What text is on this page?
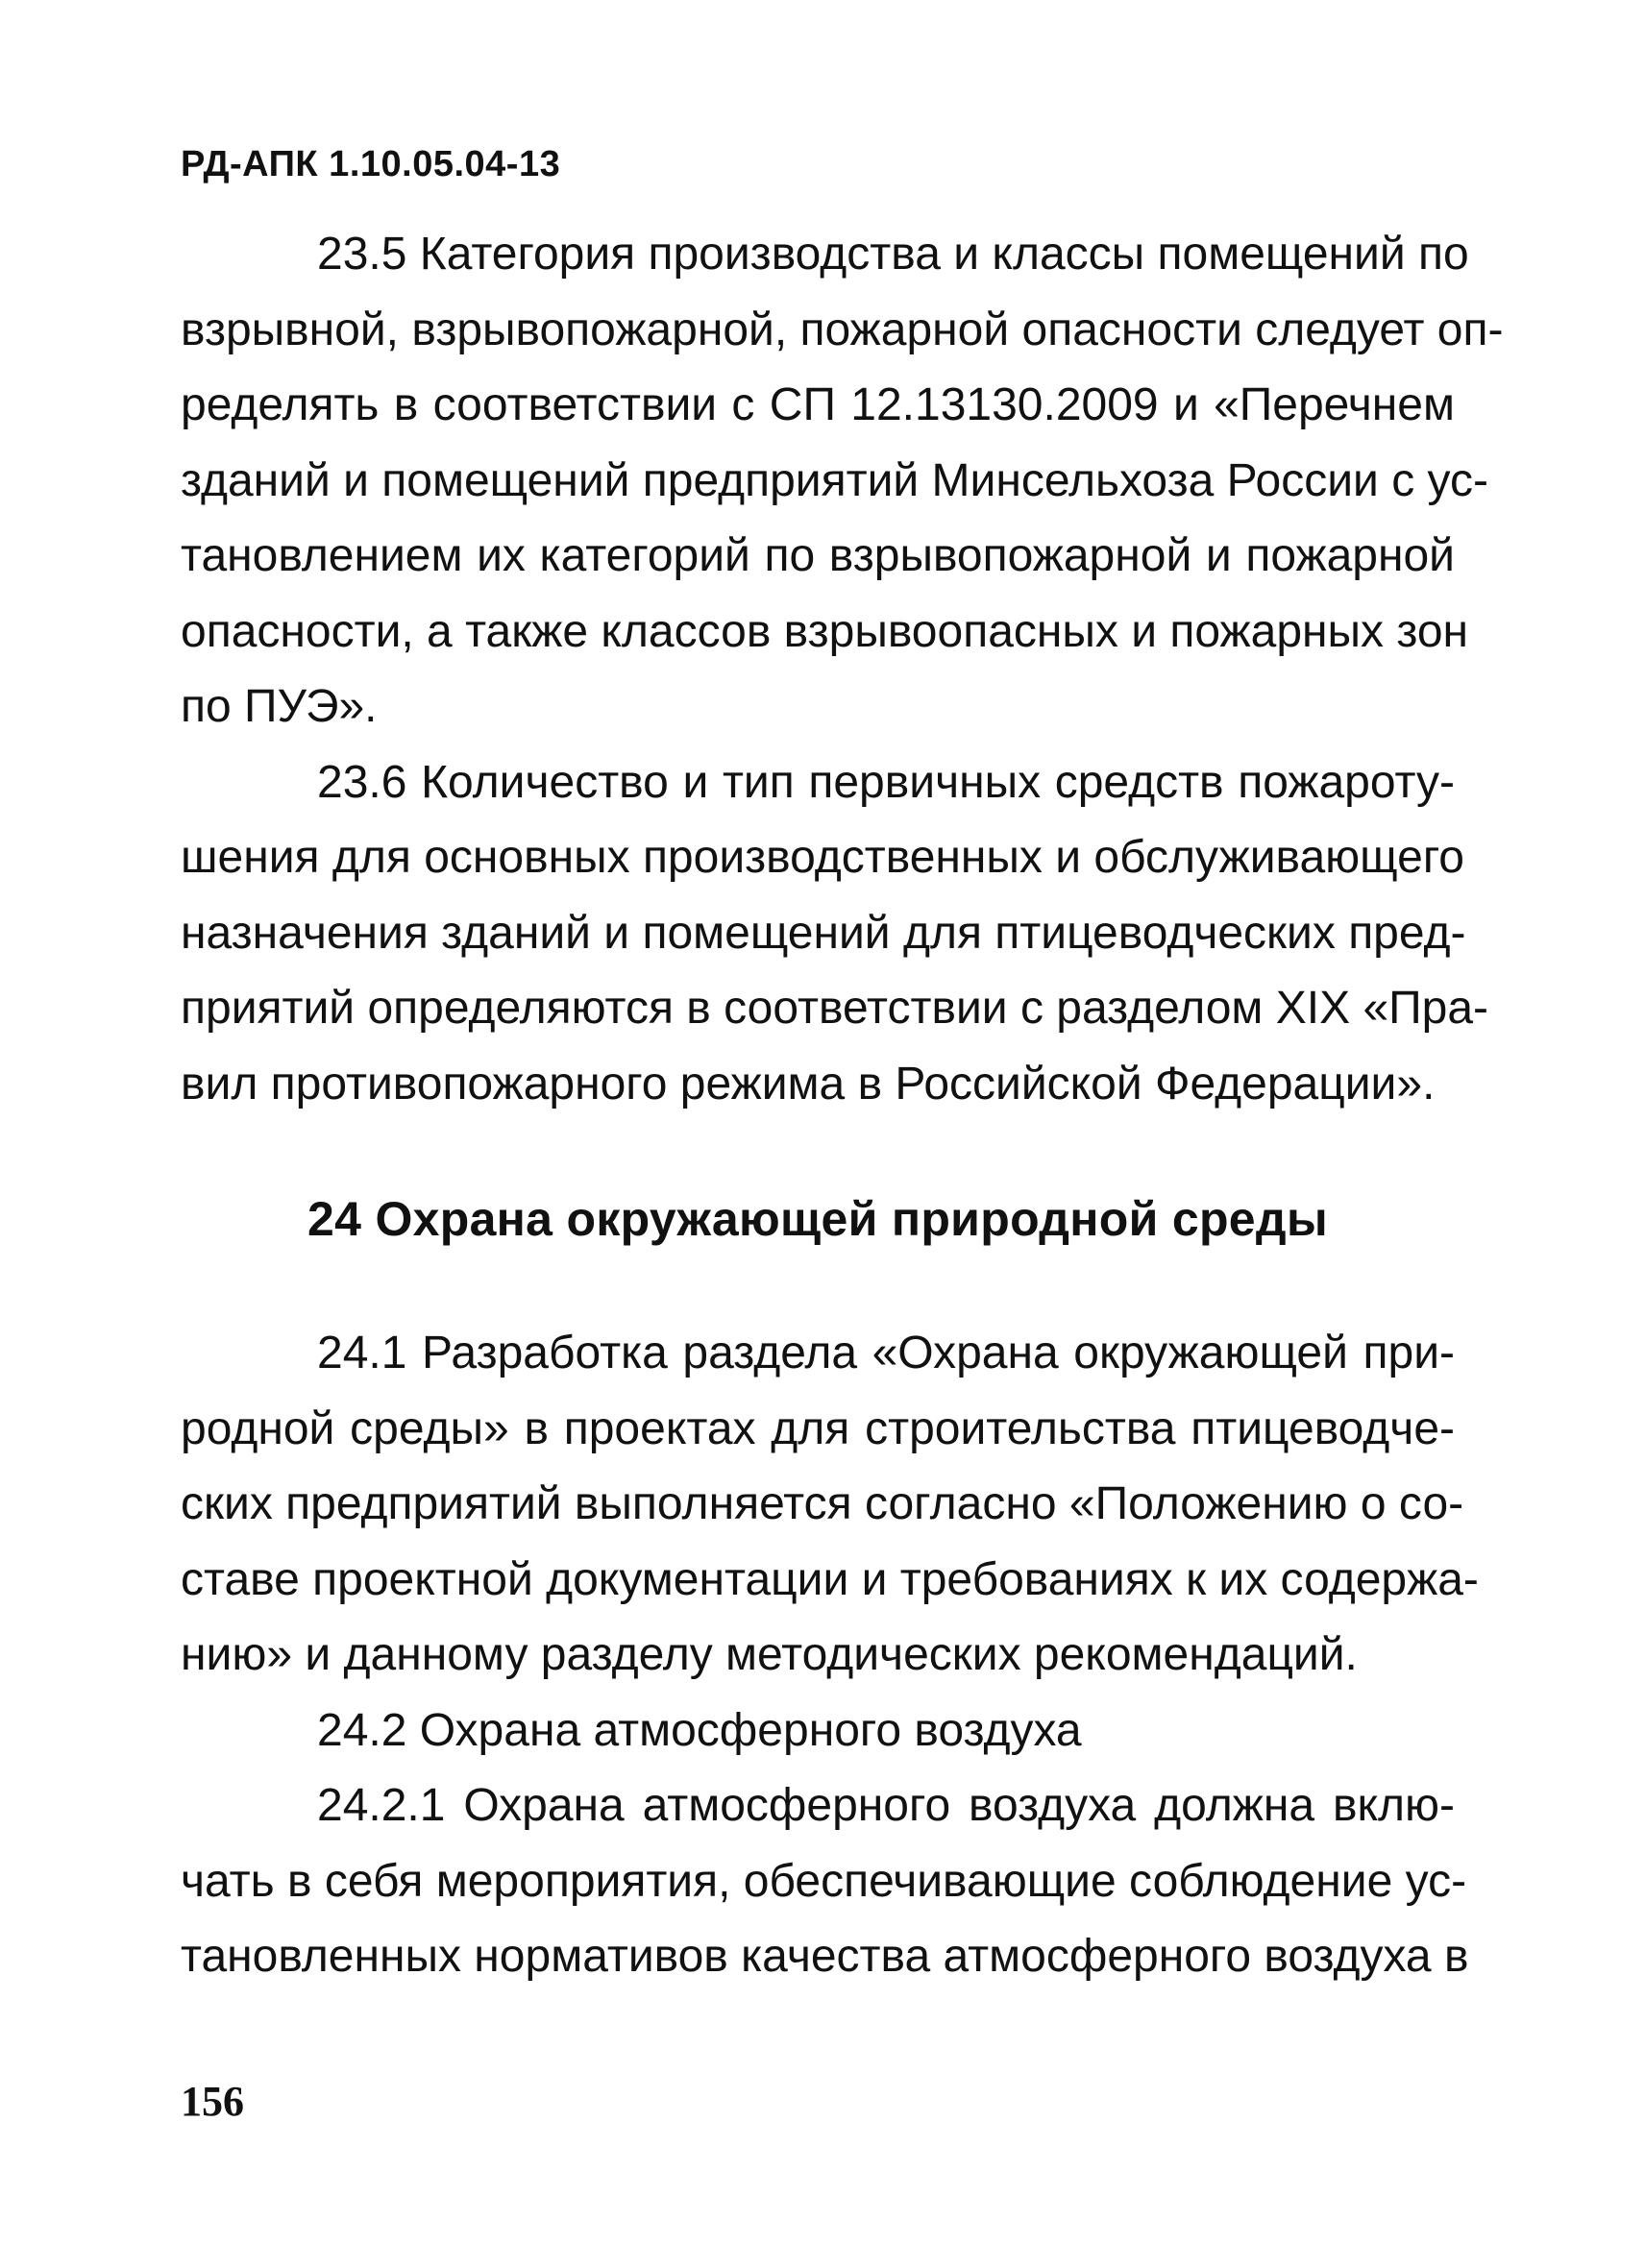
РД-АПК 1.10.05.04-13
23.5 Категория производства и классы помещений по
взрывной, взрывопожарной, пожарной опасности следует оп-
ределять в соответствии с СП 12.13130.2009 и «Перечнем
зданий и помещений предприятий Минсельхоза России с ус-
тановлением их категорий по взрывопожарной и пожарной
опасности, а также классов взрывоопасных и пожарных зон
по ПУЭ».
23.6 Количество и тип первичных средств пожароту-
шения для основных производственных и обслуживающего
назначения зданий и помещений для птицеводческих пред-
приятий определяются в соответствии с разделом XIX «Пра-
вил противопожарного режима в Российской Федерации».
24 Охрана окружающей природной среды
24.1 Разработка раздела «Охрана окружающей при-
родной среды» в проектах для строительства птицеводче-
ских предприятий выполняется согласно «Положению о со-
ставе проектной документации и требованиях к их содержа-
нию» и данному разделу методических рекомендаций.
24.2 Охрана атмосферного воздуха
24.2.1 Охрана атмосферного воздуха должна вклю-
чать в себя мероприятия, обеспечивающие соблюдение ус-
тановленных нормативов качества атмосферного воздуха в
156
